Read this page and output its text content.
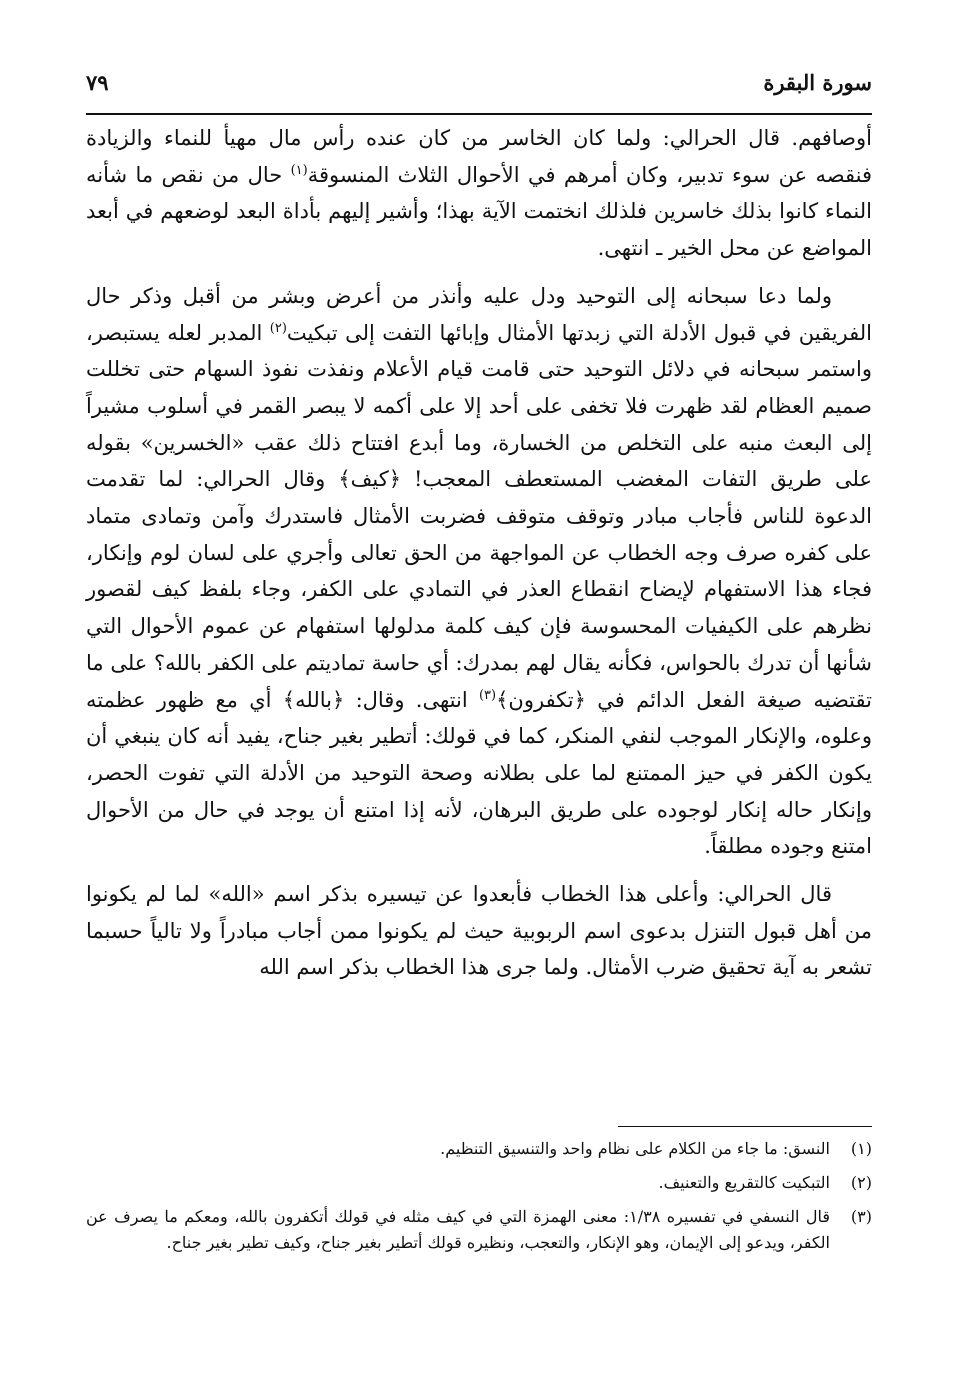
سورة البقرة
٧٩

أوصافهم. قال الحرالي: ولما كان الخاسر من كان عنده رأس مال مهيأ للنماء والزيادة فنقصه عن سوء تدبير، وكان أمرهم في الأحوال الثلاث المنسوقة$^{(١)}$ حال من نقص ما شأنه النماء كانوا بذلك خاسرين فلذلك انختمت الآية بهذا؛ وأشير إليهم بأداة البعد لوضعهم في أبعد المواضع عن محل الخير ـ انتهى.

ولما دعا سبحانه إلى التوحيد ودل عليه وأنذر من أعرض وبشر من أقبل وذكر حال الفريقين في قبول الأدلة التي زبدتها الأمثال وإبائها التفت إلى تبكيت$^{(٢)}$ المدبر لعله يستبصر، واستمر سبحانه في دلائل التوحيد حتى قامت قيام الأعلام ونفذت نفوذ السهام حتى تخللت صميم العظام لقد ظهرت فلا تخفى على أحد إلا على أكمه لا يبصر القمر في أسلوب مشيراً إلى البعث منبه على التخلص من الخسارة، وما أبدع افتتاح ذلك عقب «الخسرين» بقوله على طريق التفات المغضب المستعطف المعجب! ﴿كيف﴾ وقال الحرالي: لما تقدمت الدعوة للناس فأجاب مبادر وتوقف متوقف فضربت الأمثال فاستدرك وآمن وتمادى متماد على كفره صرف وجه الخطاب عن المواجهة من الحق تعالى وأجري على لسان لوم وإنكار، فجاء هذا الاستفهام لإيضاح انقطاع العذر في التمادي على الكفر، وجاء بلفظ كيف لقصور نظرهم على الكيفيات المحسوسة فإن كيف كلمة مدلولها استفهام عن عموم الأحوال التي شأنها أن تدرك بالحواس، فكأنه يقال لهم بمدرك: أي حاسة تماديتم على الكفر بالله؟ على ما تقتضيه صيغة الفعل الدائم في ﴿تكفرون﴾$^{(٣)}$ انتهى. وقال: ﴿بالله﴾ أي مع ظهور عظمته وعلوه، والإنكار الموجب لنفي المنكر، كما في قولك: أتطير بغير جناح، يفيد أنه كان ينبغي أن يكون الكفر في حيز الممتنع لما على بطلانه وصحة التوحيد من الأدلة التي تفوت الحصر، وإنكار حاله إنكار لوجوده على طريق البرهان، لأنه إذا امتنع أن يوجد في حال من الأحوال امتنع وجوده مطلقاً.

قال الحرالي: وأعلى هذا الخطاب فأبعدوا عن تيسيره بذكر اسم «الله» لما لم يكونوا من أهل قبول التنزل بدعوى اسم الربوبية حيث لم يكونوا ممن أجاب مبادراً ولا تالياً حسبما تشعر به آية تحقيق ضرب الأمثال. ولما جرى هذا الخطاب بذكر اسم الله

(١)
النسق: ما جاء من الكلام على نظام واحد والتنسيق التنظيم.
(٢)
التبكيت كالتقريع والتعنيف.
(٣)
قال النسفي في تفسيره ١/٣٨: معنى الهمزة التي في كيف مثله في قولك أتكفرون بالله، ومعكم ما يصرف عن الكفر، ويدعو إلى الإيمان، وهو الإنكار، والتعجب، ونظيره قولك أتطير بغير جناح، وكيف تطير بغير جناح.
